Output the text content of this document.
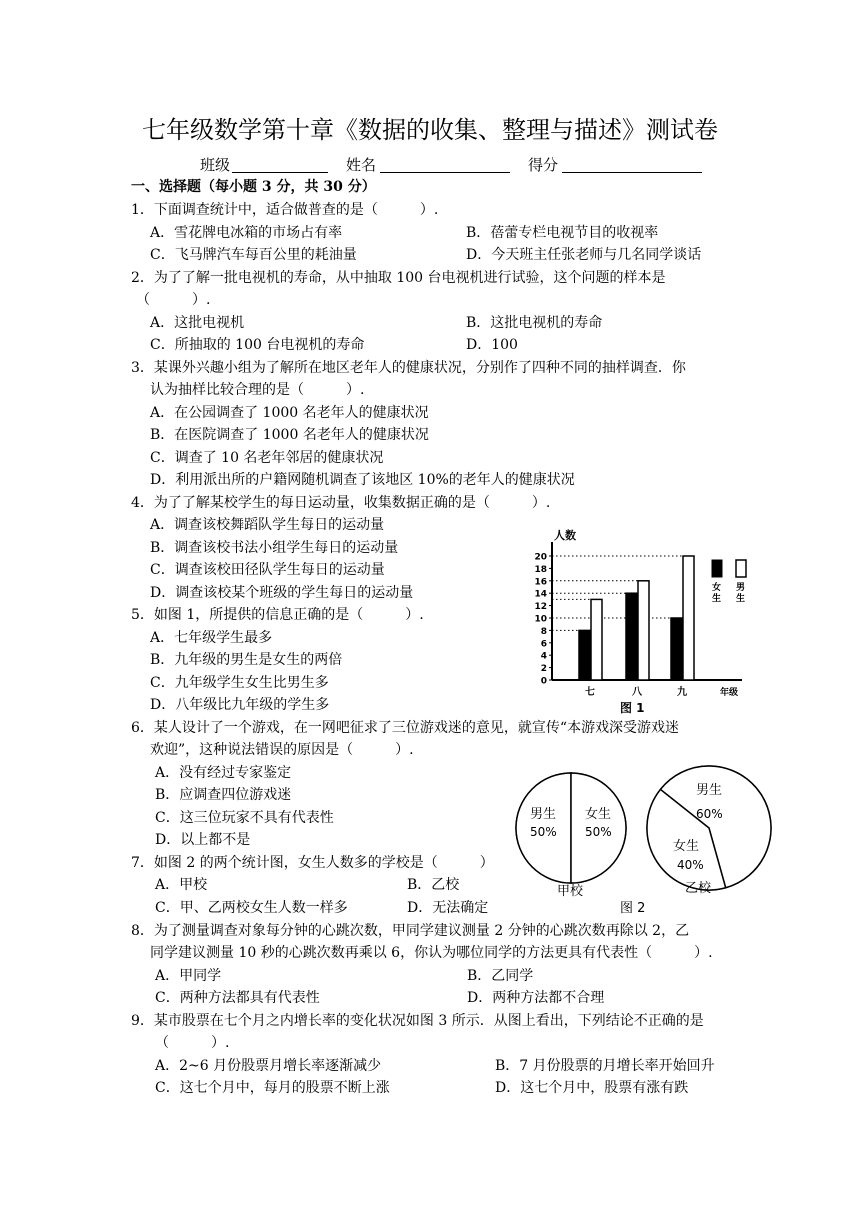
七年级数学第十章《数据的收集、整理与描述》测试卷
班级	姓名	得分
一、选择题（每小题 3 分，共 30 分）
1．下面调查统计中，适合做普查的是（　　　）.
A．雪花牌电冰箱的市场占有率	B．蓓蕾专栏电视节目的收视率
C．飞马牌汽车每百公里的耗油量	D．今天班主任张老师与几名同学谈话
2．为了了解一批电视机的寿命，从中抽取 100 台电视机进行试验，这个问题的样本是
（　　　）.
A．这批电视机	B．这批电视机的寿命
C．所抽取的 100 台电视机的寿命	D．100
3．某课外兴趣小组为了解所在地区老年人的健康状况，分别作了四种不同的抽样调查．你
认为抽样比较合理的是（　　　）.
A．在公园调查了 1000 名老年人的健康状况
B．在医院调查了 1000 名老年人的健康状况
C．调查了 10 名老年邻居的健康状况
D．利用派出所的户籍网随机调查了该地区 10%的老年人的健康状况
4．为了了解某校学生的每日运动量，收集数据正确的是（　　　）.
A．调查该校舞蹈队学生每日的运动量
B．调查该校书法小组学生每日的运动量
C．调查该校田径队学生每日的运动量
D．调查该校某个班级的学生每日的运动量
5．如图 1，所提供的信息正确的是（　　　）.
A．七年级学生最多
B．九年级的男生是女生的两倍
C．九年级学生女生比男生多
D．八年级比九年级的学生多
6．某人设计了一个游戏，在一网吧征求了三位游戏迷的意见，就宣传“本游戏深受游戏迷
欢迎”，这种说法错误的原因是（　　　）.
A．没有经过专家鉴定
B．应调查四位游戏迷
C．这三位玩家不具有代表性
D．以上都不是
7．如图 2 的两个统计图，女生人数多的学校是（　　　）
A．甲校	B．乙校
C．甲、乙两校女生人数一样多	D．无法确定
8．为了测量调查对象每分钟的心跳次数，甲同学建议测量 2 分钟的心跳次数再除以 2，乙
同学建议测量 10 秒的心跳次数再乘以 6，你认为哪位同学的方法更具有代表性（　　　）.
A．甲同学	B．乙同学
C．两种方法都具有代表性	D．两种方法都不合理
9．某市股票在七个月之内增长率的变化状况如图 3 所示．从图上看出，下列结论不正确的是
（　　　）.
A．2~6 月份股票月增长率逐渐减少	B．7 月份股票的月增长率开始回升
C．这七个月中，每月的股票不断上涨	D．这七个月中，股票有涨有跌
人数
年级
0
2
4
6
8
10
12
14
16
18
20
七	八	九
女生
男生
图 1
男生
50%
女生
50%
甲校
男生
60%
女生
40%
乙校
图 2
